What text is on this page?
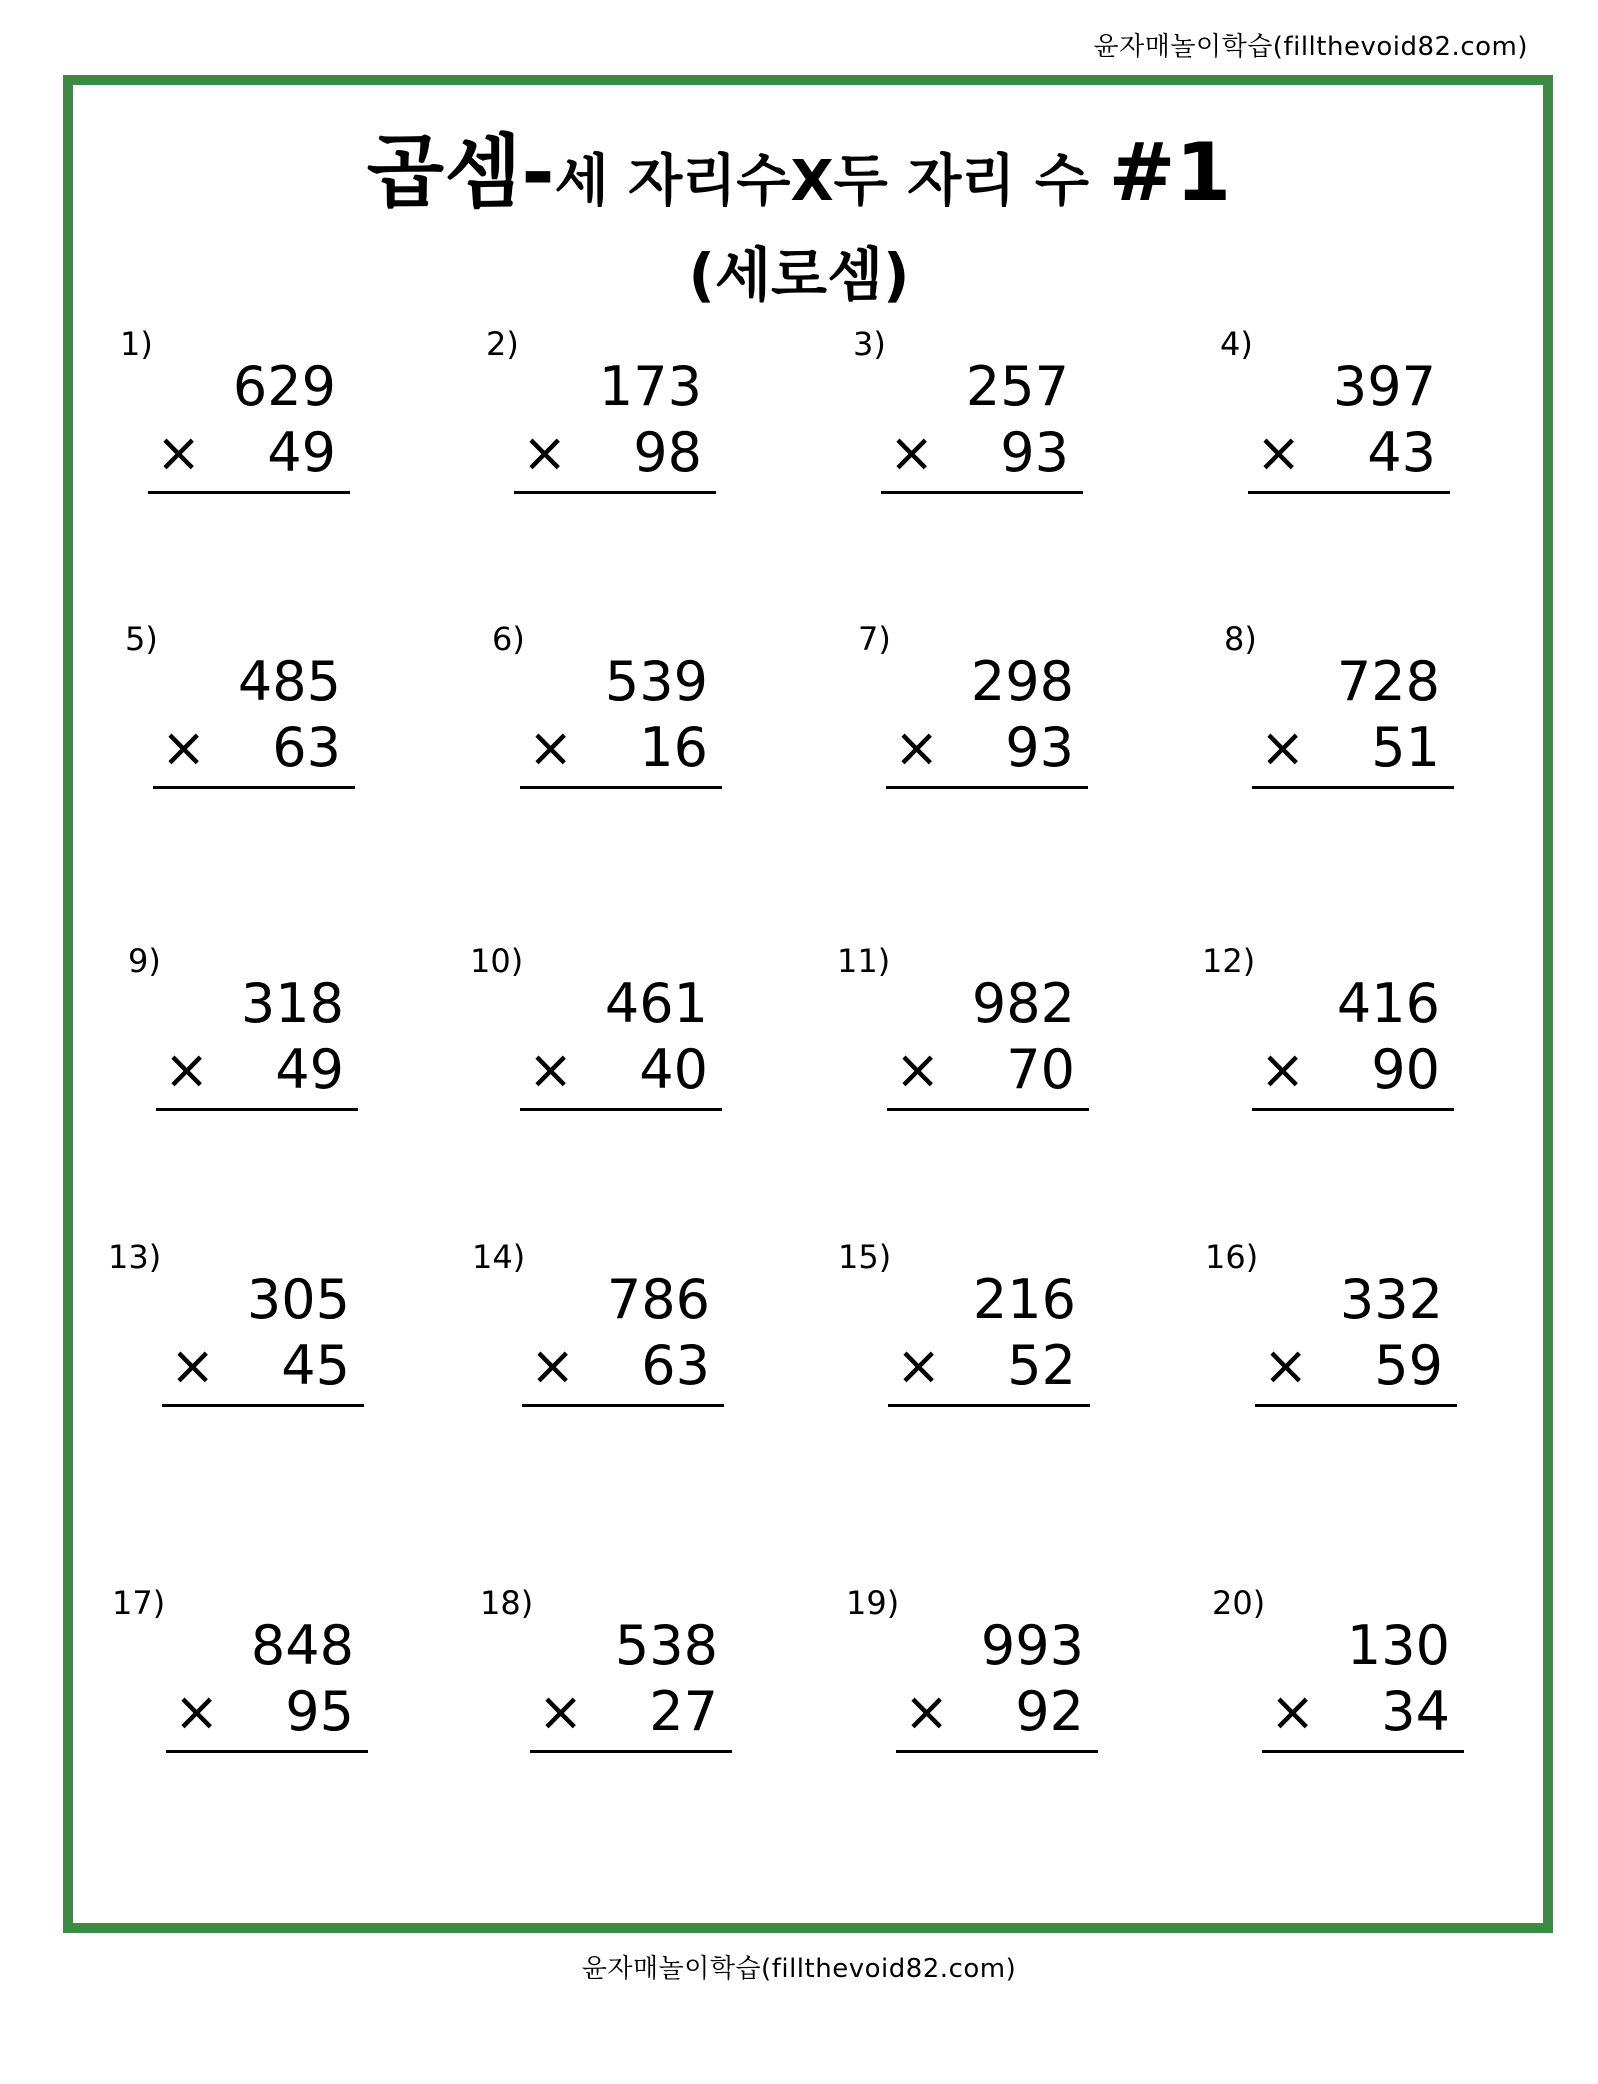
윤자매놀이학습(fillthevoid82.com)
곱셈-세 자리수X두 자리 수 #1
(세로셈)
1)
629
× 49
2)
173
× 98
3)
257
× 93
4)
397
× 43
5)
485
× 63
6)
539
× 16
7)
298
× 93
8)
728
× 51
9)
318
× 49
10)
461
× 40
11)
982
× 70
12)
416
× 90
13)
305
× 45
14)
786
× 63
15)
216
× 52
16)
332
× 59
17)
848
× 95
18)
538
× 27
19)
993
× 92
20)
130
× 34
윤자매놀이학습(fillthevoid82.com)
